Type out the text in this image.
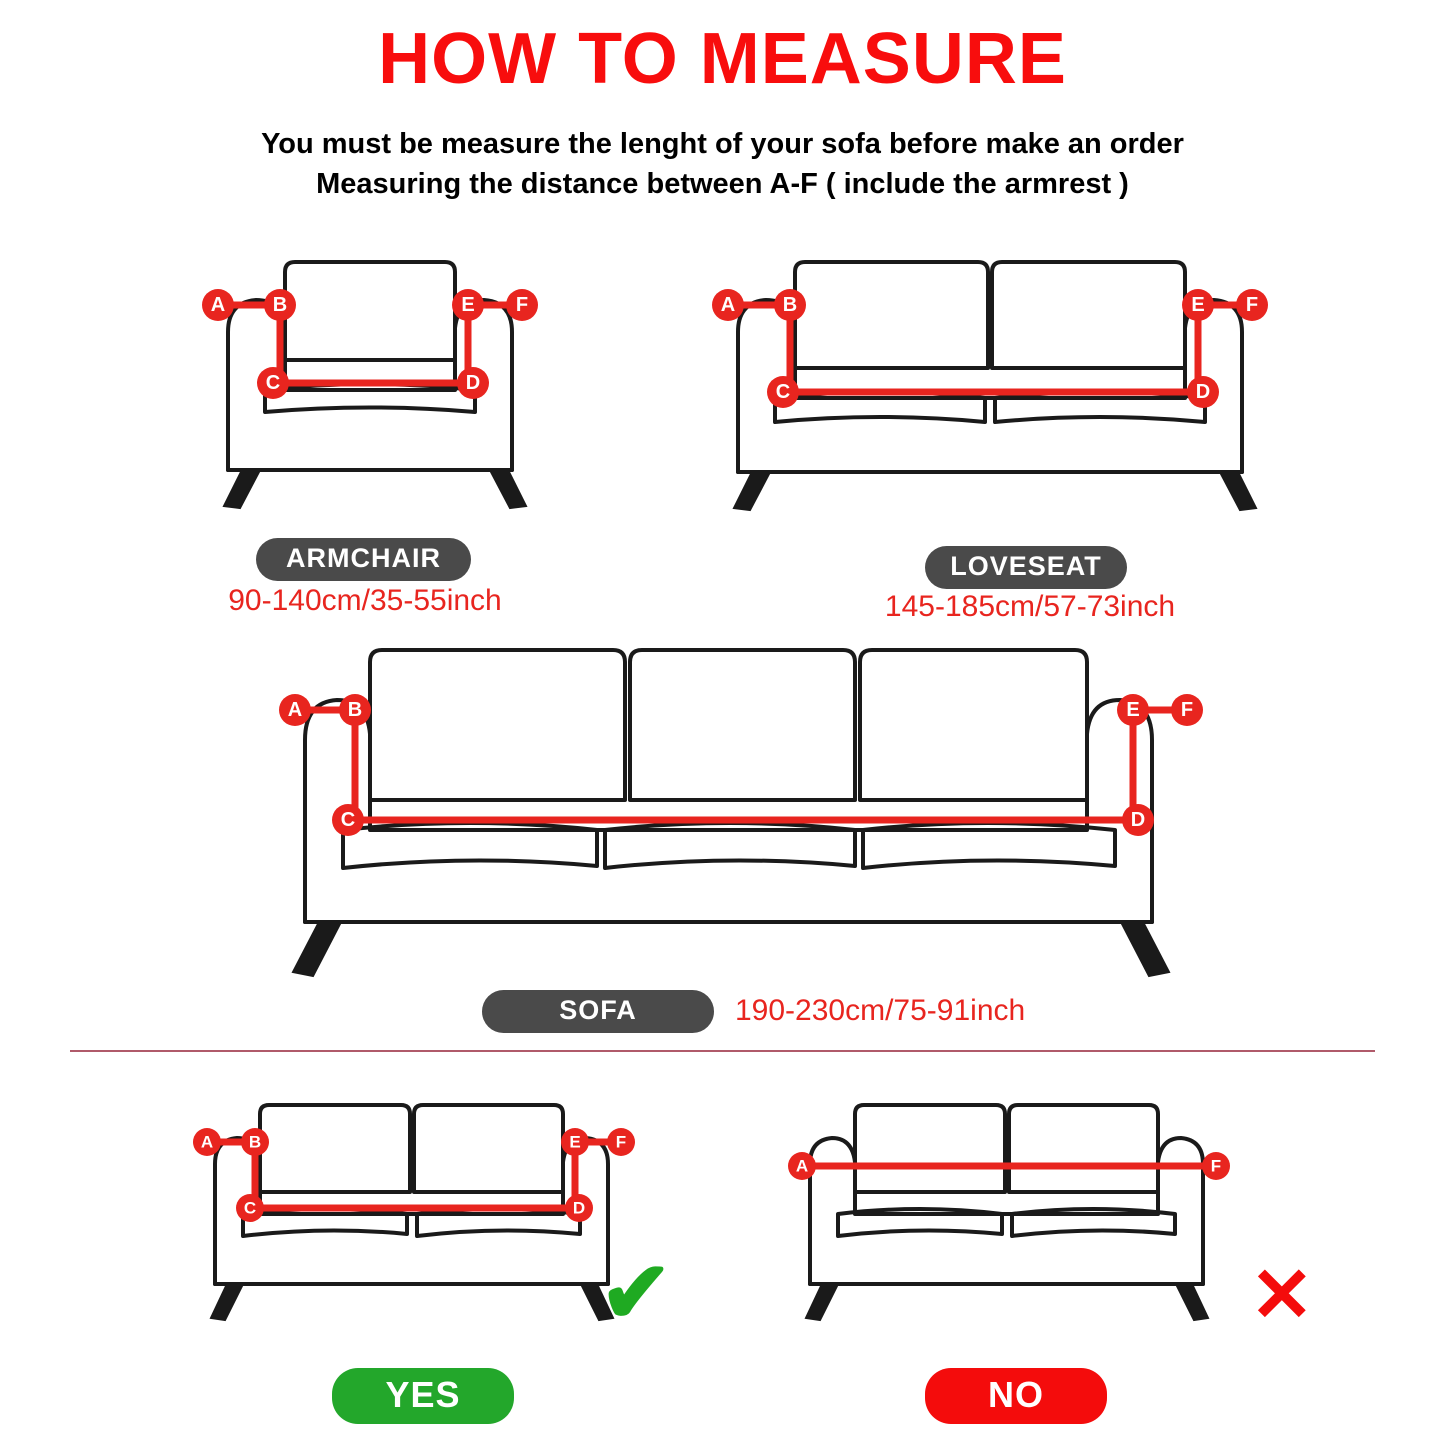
HOW TO MEASURE
You must be measure the lenght of your sofa before make an order
Measuring the distance between A-F ( include the armrest )
A B
C	D
E F
ARMCHAIR
90-140cm/35-55inch
A B
C	D
E F
LOVESEAT
145-185cm/57-73inch
A B
C	D
E F
SOFA	190-230cm/75-91inch
A B
C	D
E F
✔
YES
A	F
✕
NO
